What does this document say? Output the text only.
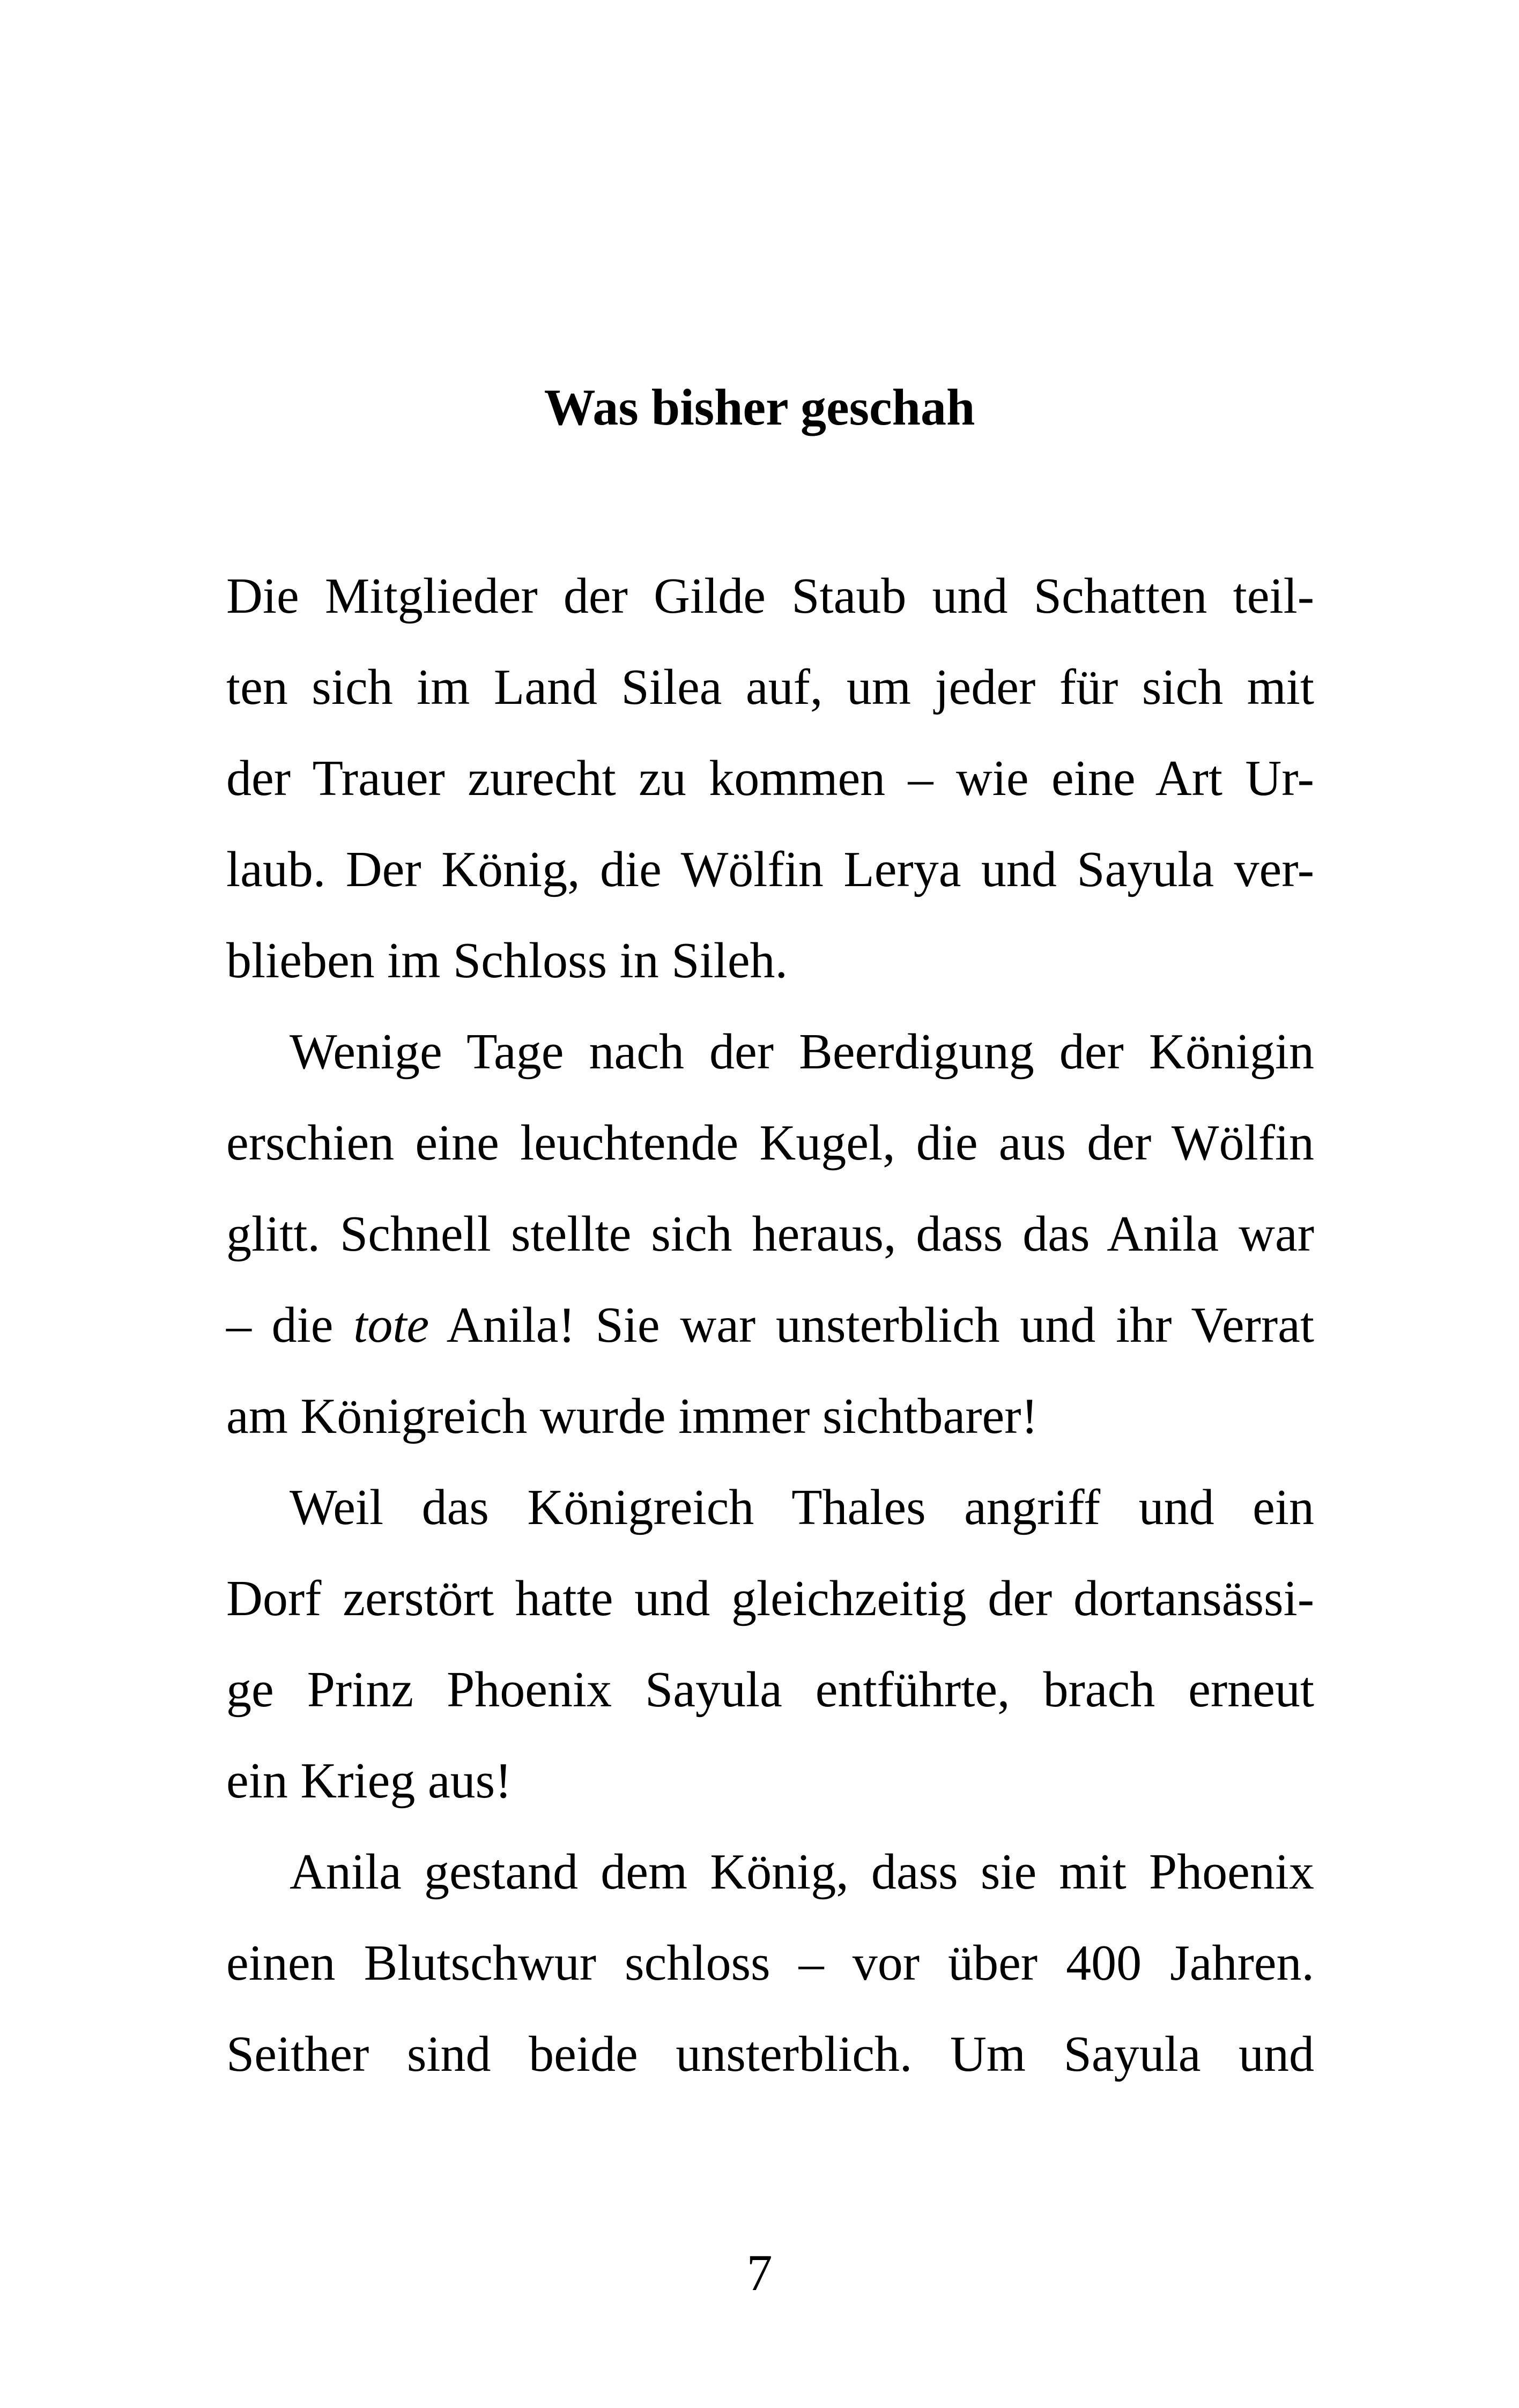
Was bisher geschah
Die Mitglieder der Gilde Staub und Schatten teil-
ten sich im Land Silea auf, um jeder für sich mit
der Trauer zurecht zu kommen – wie eine Art Ur-
laub. Der König, die Wölfin Lerya und Sayula ver-
blieben im Schloss in Sileh.
Wenige Tage nach der Beerdigung der Königin
erschien eine leuchtende Kugel, die aus der Wölfin
glitt. Schnell stellte sich heraus, dass das Anila war
– die tote Anila! Sie war unsterblich und ihr Verrat
am Königreich wurde immer sichtbarer!
Weil das Königreich Thales angriff und ein
Dorf zerstört hatte und gleichzeitig der dortansässi-
ge Prinz Phoenix Sayula entführte, brach erneut
ein Krieg aus!
Anila gestand dem König, dass sie mit Phoenix
einen Blutschwur schloss – vor über 400 Jahren.
Seither sind beide unsterblich. Um Sayula und
7
